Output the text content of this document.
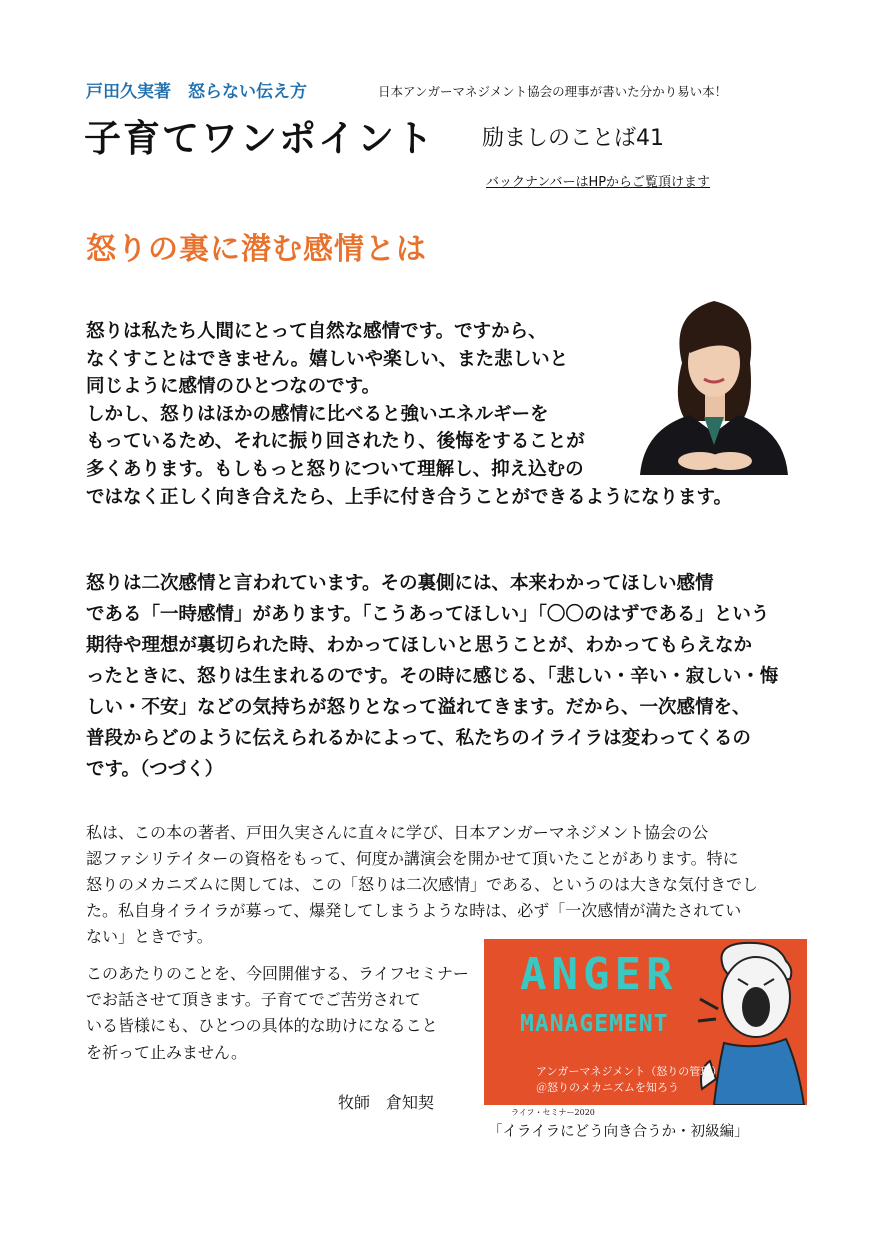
戸田久実著　怒らない伝え方	日本アンガーマネジメント協会の理事が書いた分かり易い本！
子育てワンポイント 励ましのことば41
バックナンバーはHPからご覧頂けます
怒りの裏に潜む感情とは
怒りは私たち人間にとって自然な感情です。ですから、
なくすことはできません。嬉しいや楽しい、また悲しいと
同じように感情のひとつなのです。
しかし、怒りはほかの感情に比べると強いエネルギーを
もっているため、それに振り回されたり、後悔をすることが
多くあります。もしもっと怒りについて理解し、抑え込むの
ではなく正しく向き合えたら、上手に付き合うことができるようになります。
怒りは二次感情と言われています。その裏側には、本来わかってほしい感情
である「一時感情」があります。「こうあってほしい」「〇〇のはずである」という
期待や理想が裏切られた時、わかってほしいと思うことが、わかってもらえなか
ったときに、怒りは生まれるのです。その時に感じる、「悲しい・辛い・寂しい・悔
しい・不安」などの気持ちが怒りとなって溢れてきます。だから、一次感情を、
普段からどのように伝えられるかによって、私たちのイライラは変わってくるの
です。（つづく）
私は、この本の著者、戸田久実さんに直々に学び、日本アンガーマネジメント協会の公
認ファシリテイターの資格をもって、何度か講演会を開かせて頂いたことがあります。特に
怒りのメカニズムに関しては、この「怒りは二次感情」である、というのは大きな気付きでし
た。私自身イライラが募って、爆発してしまうような時は、必ず「一次感情が満たされてい
ない」ときです。
このあたりのことを、今回開催する、ライフセミナー
でお話させて頂きます。子育てでご苦労されて
いる皆様にも、ひとつの具体的な助けになること
を祈って止みません。
牧師　倉知契
ANGER
MANAGEMENT
アンガーマネジメント（怒りの管理）
＠怒りのメカニズムを知ろう
ライフ・セミナー2020
「イライラにどう向き合うか・初級編」
